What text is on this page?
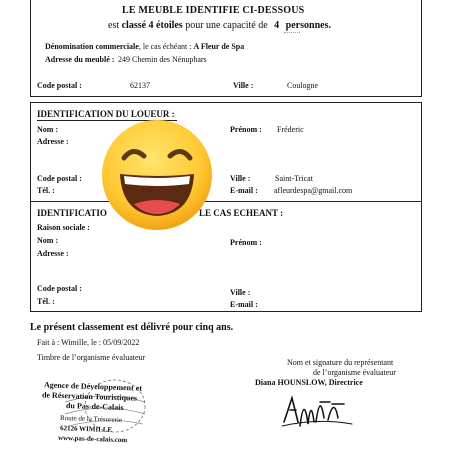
LE MEUBLE IDENTIFIE CI-DESSOUS
est classé 4 étoiles pour une capacité de 4 personnes.
Dénomination commerciale, le cas échéant : A Fleur de Spa
Adresse du meublé : 249 Chemin des Nénuphars
Code postal :	62137	Ville :	Coulogne
IDENTIFICATION DU LOUEUR :
Nom :	Prénom : Fréderic
Adresse :
Code postal :	Ville :	Saint-Tricat
Tél. :	E-mail : afleurdespa@gmail.com
IDENTIFICATIO	LE CAS ECHEANT :
Raison sociale :
Nom :	Prénom :
Adresse :
Code postal :	Ville :
Tél. :	E-mail :
Le présent classement est délivré pour cinq ans.
Fait à : Wimille, le : 05/09/2022
Timbre de l’organisme évaluateur
Nom et signature du représentant
de l’organisme évaluateur
Diana HOUNSLOW, Directrice
Agence de Développement et
de Réservation Touristiques
du Pas-de-Calais
Route de la Trésorerie
62126 WIMILLE
www.pas-de-calais.com
